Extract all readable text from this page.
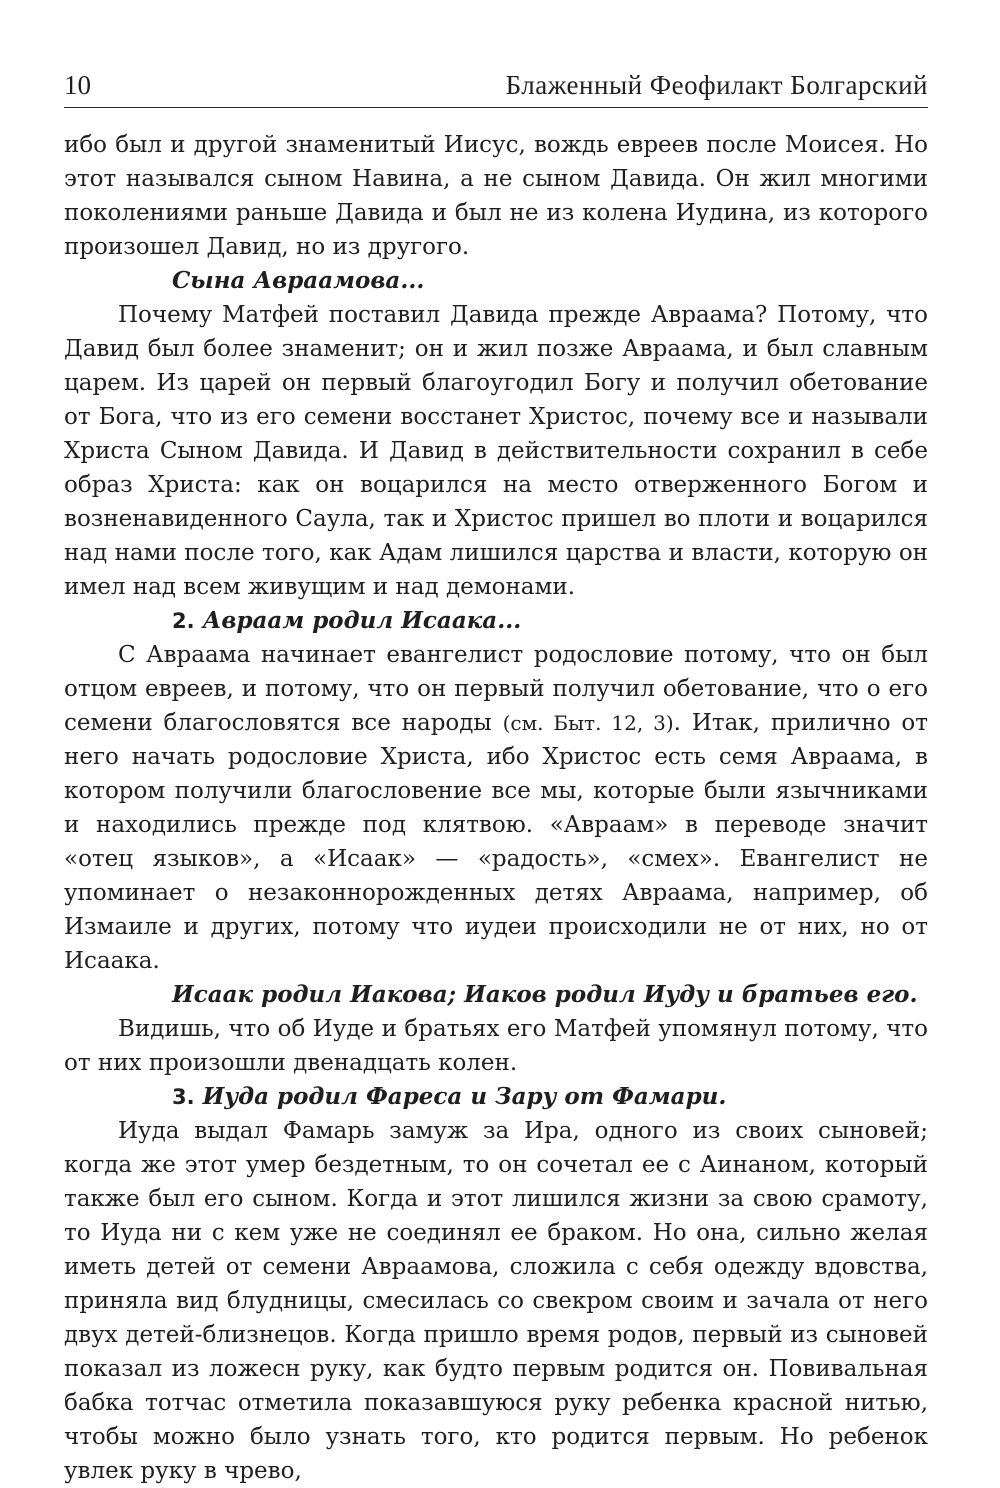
10	Блаженный Феофилакт Болгарский

ибо был и другой знаменитый Иисус, вождь евреев после Моисея. Но этот назывался сыном Навина, а не сыном Давида. Он жил многими поколениями раньше Давида и был не из колена Иудина, из которого произошел Давид, но из другого.

Сына Авраамова...

Почему Матфей поставил Давида прежде Авраама? Потому, что Давид был более знаменит; он и жил позже Авраама, и был славным царем. Из царей он первый благоугодил Богу и получил обетование от Бога, что из его семени восстанет Христос, почему все и называли Христа Сыном Давида. И Давид в действительности сохранил в себе образ Христа: как он воцарился на место отверженного Богом и возненавиденного Саула, так и Христос пришел во плоти и воцарился над нами после того, как Адам лишился царства и власти, которую он имел над всем живущим и над демонами.

2. Авраам родил Исаака...

С Авраама начинает евангелист родословие потому, что он был отцом евреев, и потому, что он первый получил обетование, что о его семени благословятся все народы (см. Быт. 12, 3). Итак, прилично от него начать родословие Христа, ибо Христос есть семя Авраама, в котором получили благословение все мы, которые были язычниками и находились прежде под клятвою. «Авраам» в переводе значит «отец языков», а «Исаак» — «радость», «смех». Евангелист не упоминает о незаконнорожденных детях Авраама, например, об Измаиле и других, потому что иудеи происходили не от них, но от Исаака.

Исаак родил Иакова; Иаков родил Иуду и братьев его.

Видишь, что об Иуде и братьях его Матфей упомянул потому, что от них произошли двенадцать колен.

3. Иуда родил Фареса и Зару от Фамари.

Иуда выдал Фамарь замуж за Ира, одного из своих сыновей; когда же этот умер бездетным, то он сочетал ее с Аинаном, который также был его сыном. Когда и этот лишился жизни за свою срамоту, то Иуда ни с кем уже не соединял ее браком. Но она, сильно желая иметь детей от семени Авраамова, сложила с себя одежду вдовства, приняла вид блудницы, смесилась со свекром своим и зачала от него двух детей-близнецов. Когда пришло время родов, первый из сыновей показал из ложесн руку, как будто первым родится он. Повивальная бабка тотчас отметила показавшуюся руку ребенка красной нитью, чтобы можно было узнать того, кто родится первым. Но ребенок увлек руку в чрево,
